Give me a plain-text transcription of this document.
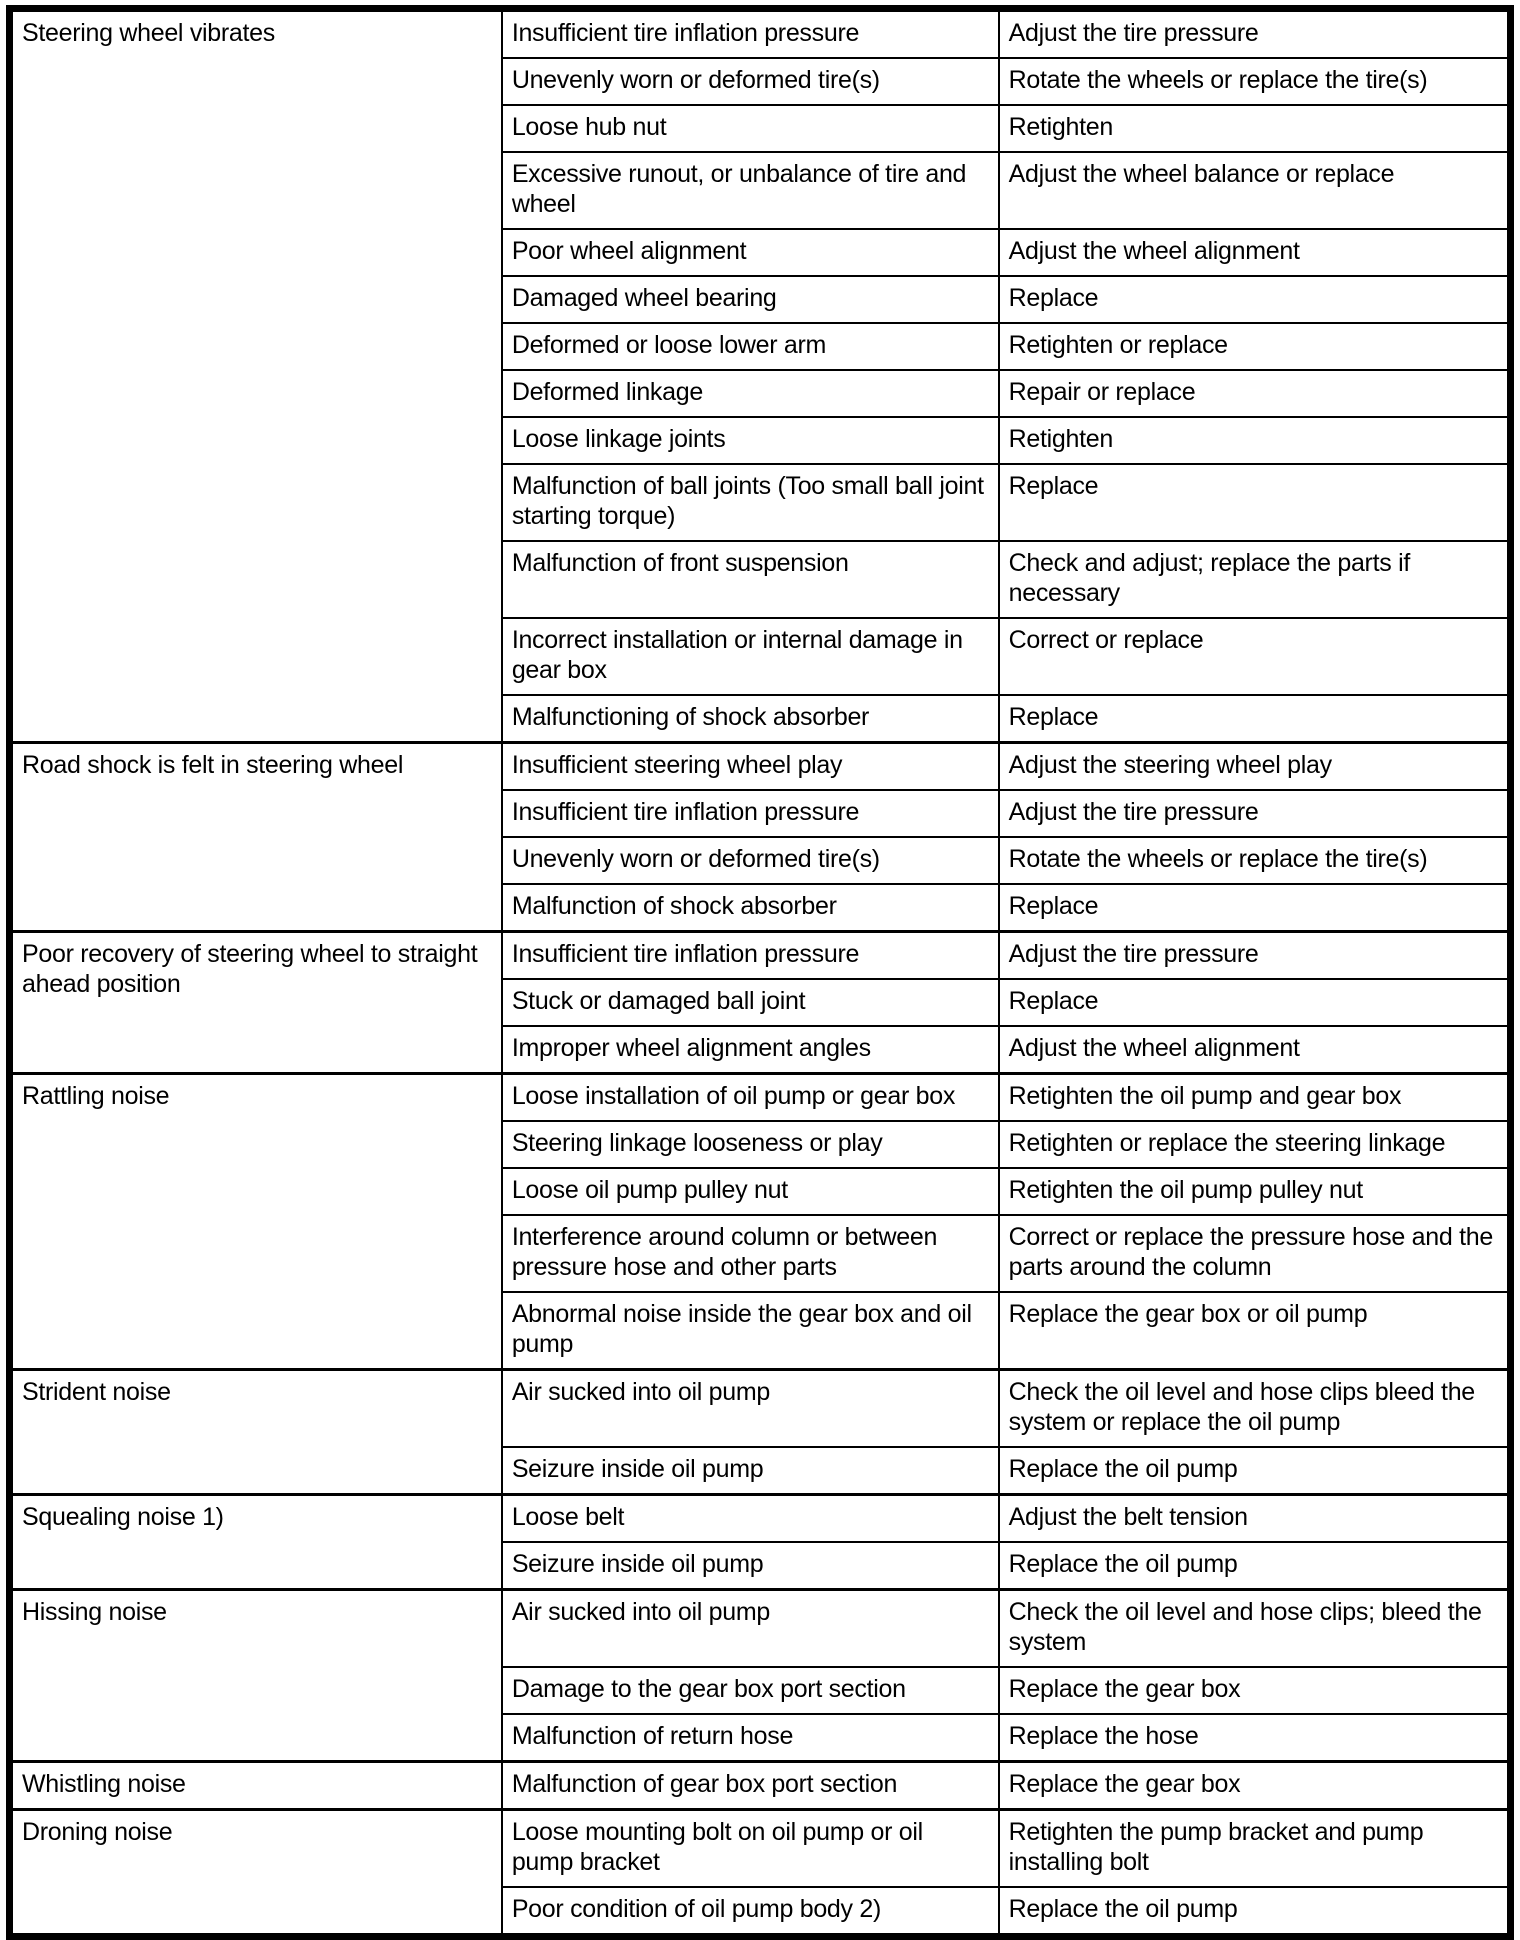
Steering wheel vibrates	Insufficient tire inflation pressure	Adjust the tire pressure
	Unevenly worn or deformed tire(s)	Rotate the wheels or replace the tire(s)
	Loose hub nut	Retighten
	Excessive runout, or unbalance of tire and wheel	Adjust the wheel balance or replace
	Poor wheel alignment	Adjust the wheel alignment
	Damaged wheel bearing	Replace
	Deformed or loose lower arm	Retighten or replace
	Deformed linkage	Repair or replace
	Loose linkage joints	Retighten
	Malfunction of ball joints (Too small ball joint starting torque)	Replace
	Malfunction of front suspension	Check and adjust; replace the parts if necessary
	Incorrect installation or internal damage in gear box	Correct or replace
	Malfunctioning of shock absorber	Replace
Road shock is felt in steering wheel	Insufficient steering wheel play	Adjust the steering wheel play
	Insufficient tire inflation pressure	Adjust the tire pressure
	Unevenly worn or deformed tire(s)	Rotate the wheels or replace the tire(s)
	Malfunction of shock absorber	Replace
Poor recovery of steering wheel to straight ahead position	Insufficient tire inflation pressure	Adjust the tire pressure
	Stuck or damaged ball joint	Replace
	Improper wheel alignment angles	Adjust the wheel alignment
Rattling noise	Loose installation of oil pump or gear box	Retighten the oil pump and gear box
	Steering linkage looseness or play	Retighten or replace the steering linkage
	Loose oil pump pulley nut	Retighten the oil pump pulley nut
	Interference around column or between pressure hose and other parts	Correct or replace the pressure hose and the parts around the column
	Abnormal noise inside the gear box and oil pump	Replace the gear box or oil pump
Strident noise	Air sucked into oil pump	Check the oil level and hose clips bleed the system or replace the oil pump
	Seizure inside oil pump	Replace the oil pump
Squealing noise 1)	Loose belt	Adjust the belt tension
	Seizure inside oil pump	Replace the oil pump
Hissing noise	Air sucked into oil pump	Check the oil level and hose clips; bleed the system
	Damage to the gear box port section	Replace the gear box
	Malfunction of return hose	Replace the hose
Whistling noise	Malfunction of gear box port section	Replace the gear box
Droning noise	Loose mounting bolt on oil pump or oil pump bracket	Retighten the pump bracket and pump installing bolt
	Poor condition of oil pump body 2)	Replace the oil pump
